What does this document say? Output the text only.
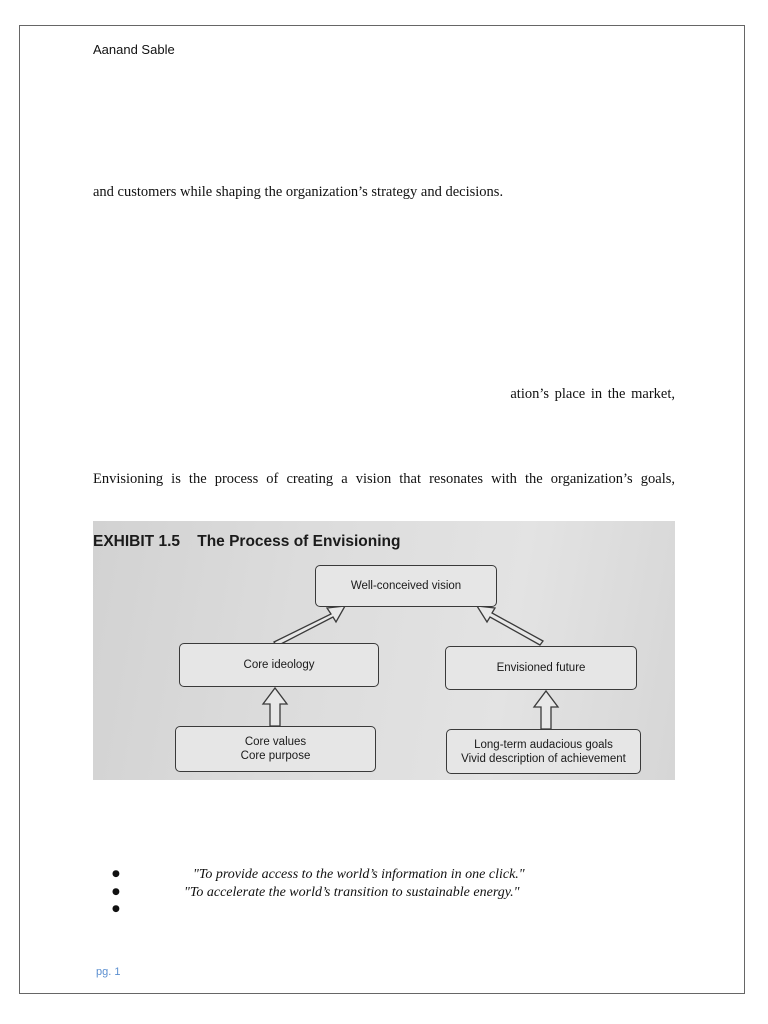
Aanand Sable
and customers while shaping the organization’s strategy and decisions.
ation’s place in the market,
Envisioning is the process of creating a vision that resonates with the organization’s goals,
EXHIBIT 1.5    The Process of Envisioning
Well-conceived vision
Core ideology	Envisioned future
Core values
Core purpose
Long-term audacious goals
Vivid description of achievement
●	"To provide access to the world’s information in one click."
●	"To accelerate the world’s transition to sustainable energy."
●
pg. 1
